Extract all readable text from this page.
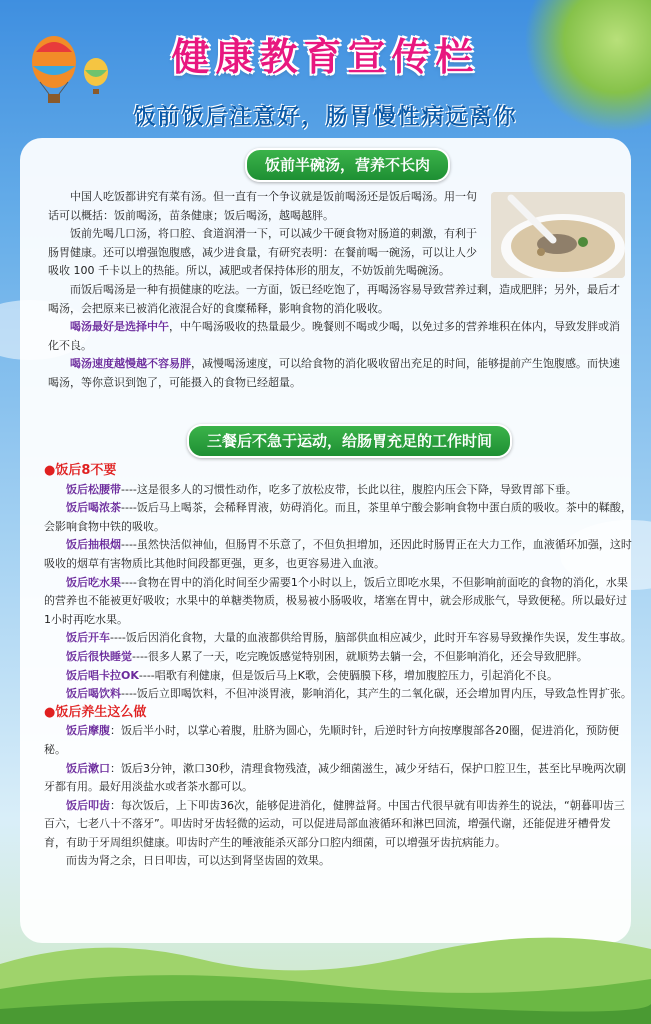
健康教育宣传栏
饭前饭后注意好，肠胃慢性病远离你
饭前半碗汤，营养不长肉

中国人吃饭都讲究有菜有汤。但一直有一个争议就是饭前喝汤还是饭后喝汤。用一句话可以概括：饭前喝汤，苗条健康；饭后喝汤，越喝越胖。

饭前先喝几口汤，将口腔、食道润滑一下，可以减少干硬食物对肠道的刺激，有利于肠胃健康。还可以增强饱腹感，减少进食量，有研究表明：在餐前喝一碗汤，可以让人少吸收 100 千卡以上的热能。所以，减肥或者保持体形的朋友，不妨饭前先喝碗汤。

而饭后喝汤是一种有损健康的吃法。一方面，饭已经吃饱了，再喝汤容易导致营养过剩，造成肥胖；另外，最后才喝汤，会把原来已被消化液混合好的食糜稀释，影响食物的消化吸收。

喝汤最好是选择中午，中午喝汤吸收的热量最少。晚餐则不喝或少喝，以免过多的营养堆积在体内，导致发胖或消化不良。

喝汤速度越慢越不容易胖，减慢喝汤速度，可以给食物的消化吸收留出充足的时间，能够提前产生饱腹感。而快速喝汤，等你意识到饱了，可能摄入的食物已经超量。

三餐后不急于运动，给肠胃充足的工作时间

●饭后8不要

饭后松腰带----这是很多人的习惯性动作，吃多了放松皮带，长此以往，腹腔内压会下降，导致胃部下垂。

饭后喝浓茶----饭后马上喝茶，会稀释胃液，妨碍消化。而且，茶里单宁酸会影响食物中蛋白质的吸收。茶中的鞣酸，会影响食物中铁的吸收。

饭后抽根烟----虽然快活似神仙，但肠胃不乐意了，不但负担增加，还因此时肠胃正在大力工作，血液循环加强，这时吸收的烟草有害物质比其他时间段都更强，更多，也更容易进入血液。

饭后吃水果----食物在胃中的消化时间至少需要1个小时以上，饭后立即吃水果，不但影响前面吃的食物的消化，水果的营养也不能被更好吸收；水果中的单糖类物质，极易被小肠吸收，堵塞在胃中，就会形成胀气，导致便秘。所以最好过1小时再吃水果。

饭后开车----饭后因消化食物，大量的血液都供给胃肠，脑部供血相应减少，此时开车容易导致操作失误，发生事故。

饭后很快睡觉----很多人累了一天，吃完晚饭感觉特别困，就顺势去躺一会，不但影响消化，还会导致肥胖。

饭后唱卡拉OK----唱歌有利健康，但是饭后马上K歌，会使膈膜下移，增加腹腔压力，引起消化不良。

饭后喝饮料----饭后立即喝饮料，不但冲淡胃液，影响消化，其产生的二氧化碳，还会增加胃内压，导致急性胃扩张。

●饭后养生这么做

饭后摩腹：饭后半小时，以掌心着腹，肚脐为圆心，先顺时针，后逆时针方向按摩腹部各20圈，促进消化，预防便秘。

饭后漱口：饭后3分钟，漱口30秒，清理食物残渣，减少细菌滋生，减少牙结石，保护口腔卫生，甚至比早晚两次刷牙都有用。最好用淡盐水或者茶水都可以。

饭后叩齿：每次饭后，上下叩齿36次，能够促进消化，健脾益肾。中国古代很早就有叩齿养生的说法，“朝暮叩齿三百六，七老八十不落牙”。叩齿时牙齿轻微的运动，可以促进局部血液循环和淋巴回流，增强代谢，还能促进牙槽骨发育，有助于牙周组织健康。叩齿时产生的唾液能杀灭部分口腔内细菌，可以增强牙齿抗病能力。

而齿为肾之余，日日叩齿，可以达到肾坚齿固的效果。
